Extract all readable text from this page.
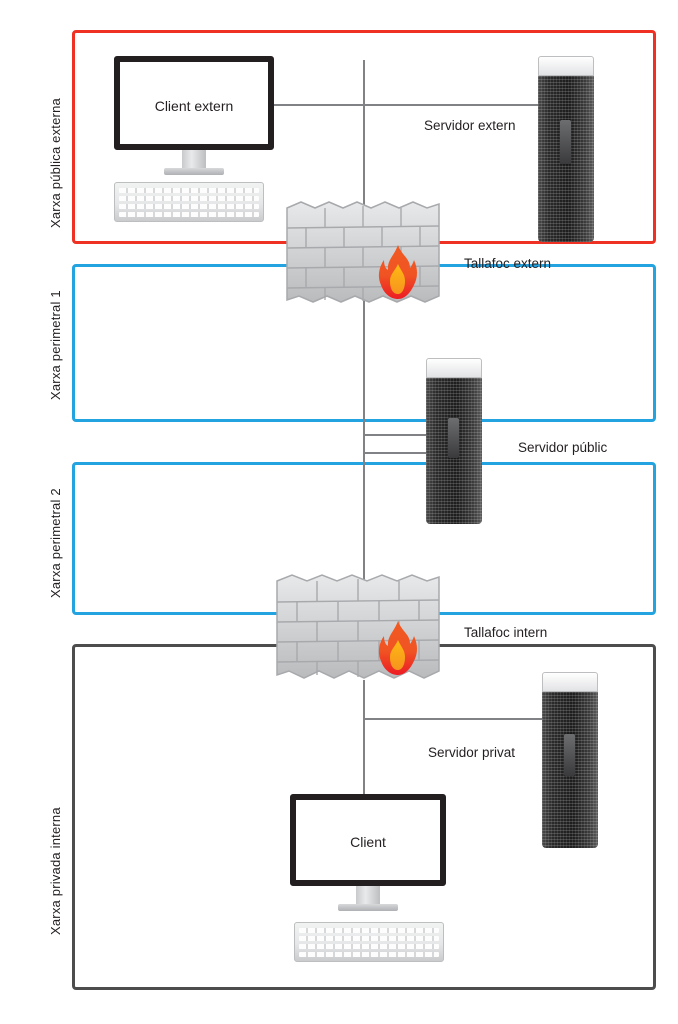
Xarxa pública externa
Xarxa perimetral 1
Xarxa perimetral 2
Xarxa privada interna
Client extern
Servidor extern
Tallafoc extern
Servidor públic
Tallafoc intern
Servidor privat
Client
